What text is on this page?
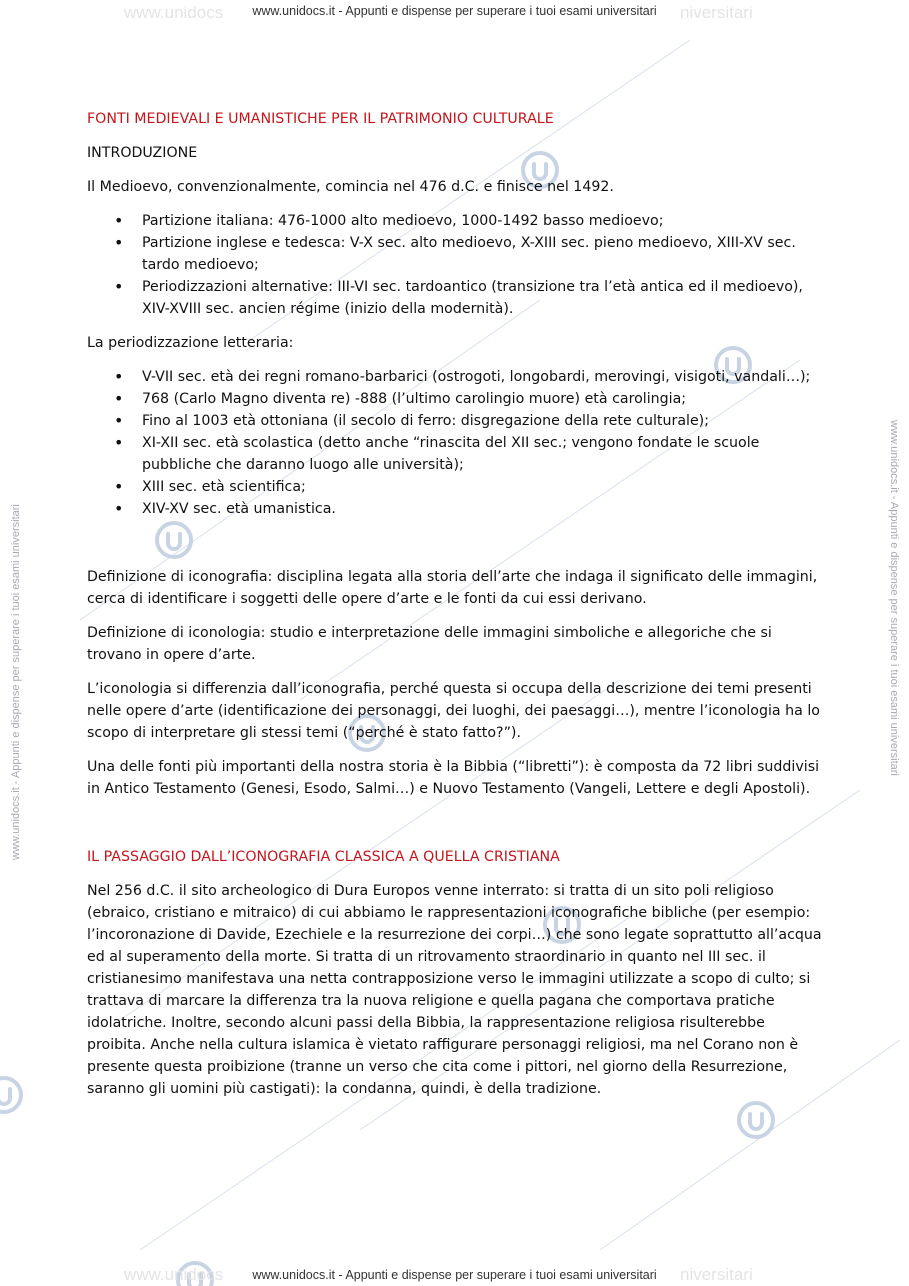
www.unidocs	niversitari
www.unidocs.it - Appunti e dispense per superare i tuoi esami universitari
www.unidocs.it - Appunti e dispense per superare i tuoi esami universitari	www.unidocs.it - Appunti e dispense per superare i tuoi esami universitari
FONTI MEDIEVALI E UMANISTICHE PER IL PATRIMONIO CULTURALE
INTRODUZIONE

Il Medioevo, convenzionalmente, comincia nel 476 d.C. e finisce nel 1492.

• Partizione italiana: 476-1000 alto medioevo, 1000-1492 basso medioevo;
• Partizione inglese e tedesca: V-X sec. alto medioevo, X-XIII sec. pieno medioevo, XIII-XV sec. tardo medioevo;
• Periodizzazioni alternative: III-VI sec. tardoantico (transizione tra l’età antica ed il medioevo), XIV-XVIII sec. ancien régime (inizio della modernità).

La periodizzazione letteraria:

• V-VII sec. età dei regni romano-barbarici (ostrogoti, longobardi, merovingi, visigoti, vandali…);
• 768 (Carlo Magno diventa re) -888 (l’ultimo carolingio muore) età carolingia;
• Fino al 1003 età ottoniana (il secolo di ferro: disgregazione della rete culturale);
• XI-XII sec. età scolastica (detto anche “rinascita del XII sec.; vengono fondate le scuole pubbliche che daranno luogo alle università);
• XIII sec. età scientifica;
• XIV-XV sec. età umanistica.

Definizione di iconografia: disciplina legata alla storia dell’arte che indaga il significato delle immagini, cerca di identificare i soggetti delle opere d’arte e le fonti da cui essi derivano.

Definizione di iconologia: studio e interpretazione delle immagini simboliche e allegoriche che si trovano in opere d’arte.

L’iconologia si differenzia dall’iconografia, perché questa si occupa della descrizione dei temi presenti nelle opere d’arte (identificazione dei personaggi, dei luoghi, dei paesaggi…), mentre l’iconologia ha lo scopo di interpretare gli stessi temi (“perché è stato fatto?”).

Una delle fonti più importanti della nostra storia è la Bibbia (“libretti”): è composta da 72 libri suddivisi in Antico Testamento (Genesi, Esodo, Salmi…) e Nuovo Testamento (Vangeli, Lettere e degli Apostoli).

IL PASSAGGIO DALL’ICONOGRAFIA CLASSICA A QUELLA CRISTIANA

Nel 256 d.C. il sito archeologico di Dura Europos venne interrato: si tratta di un sito poli religioso (ebraico, cristiano e mitraico) di cui abbiamo le rappresentazioni iconografiche bibliche (per esempio: l’incoronazione di Davide, Ezechiele e la resurrezione dei corpi…) che sono legate soprattutto all’acqua ed al superamento della morte. Si tratta di un ritrovamento straordinario in quanto nel III sec. il cristianesimo manifestava una netta contrapposizione verso le immagini utilizzate a scopo di culto; si trattava di marcare la differenza tra la nuova religione e quella pagana che comportava pratiche idolatriche. Inoltre, secondo alcuni passi della Bibbia, la rappresentazione religiosa risulterebbe proibita. Anche nella cultura islamica è vietato raffigurare personaggi religiosi, ma nel Corano non è presente questa proibizione (tranne un verso che cita come i pittori, nel giorno della Resurrezione, saranno gli uomini più castigati): la condanna, quindi, è della tradizione.

www.unidocs	niversitari
www.unidocs.it - Appunti e dispense per superare i tuoi esami universitari
